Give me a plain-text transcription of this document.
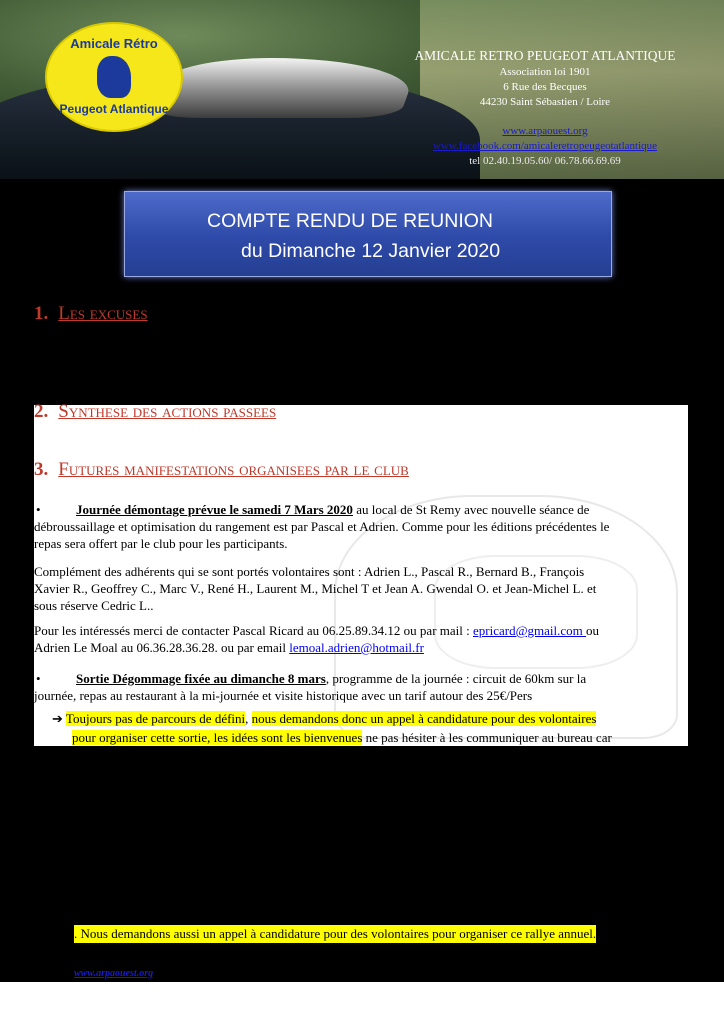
Amicale Rétro
Peugeot Atlantique
AMICALE RETRO PEUGEOT ATLANTIQUE
Association loi 1901
6 Rue des Becques
44230 Saint Sébastien / Loire
www.arpaouest.org
www.facebook.com/amicaleretropeugeotatlantique
tel 02.40.19.05.60/ 06.78.66.69.69
COMPTE RENDU DE REUNION
du Dimanche 12 Janvier 2020
1. Les excuses
•	Journée démontage prévue le samedi 7 Mars 2020 au local de St Remy avec nouvelle séance de
débroussaillage et optimisation du rangement est par Pascal et Adrien. Comme pour les éditions précédentes le
repas sera offert par le club pour les participants.
Complément des adhérents qui se sont portés volontaires sont : Adrien L., Pascal R., Bernard B., François
Xavier R., Geoffrey C., Marc V., René H., Laurent M., Michel T et Jean A. Gwendal O. et Jean-Michel L. et
sous réserve Cedric L..
Pour les intéressés merci de contacter Pascal Ricard au 06.25.89.34.12 ou par mail : epricard@gmail.com ou
Adrien Le Moal au 06.36.28.36.28. ou par email lemoal.adrien@hotmail.fr
•	Sortie Dégommage fixée au dimanche 8 mars, programme de la journée : circuit de 60km sur la
journée, repas au restaurant à la mi-journée et visite historique avec un tarif autour des 25€/Pers
➔ Toujours pas de parcours de défini, nous demandons donc un appel à candidature pour des volontaires
pour organiser cette sortie, les idées sont les bienvenues ne pas hésiter à les communiquer au bureau car
2. Synthese des actions passees
3. Futures manifestations organisees par le club
. Nous demandons aussi un appel à candidature pour des volontaires pour organiser ce rallye annuel.
www.arpaouest.org
